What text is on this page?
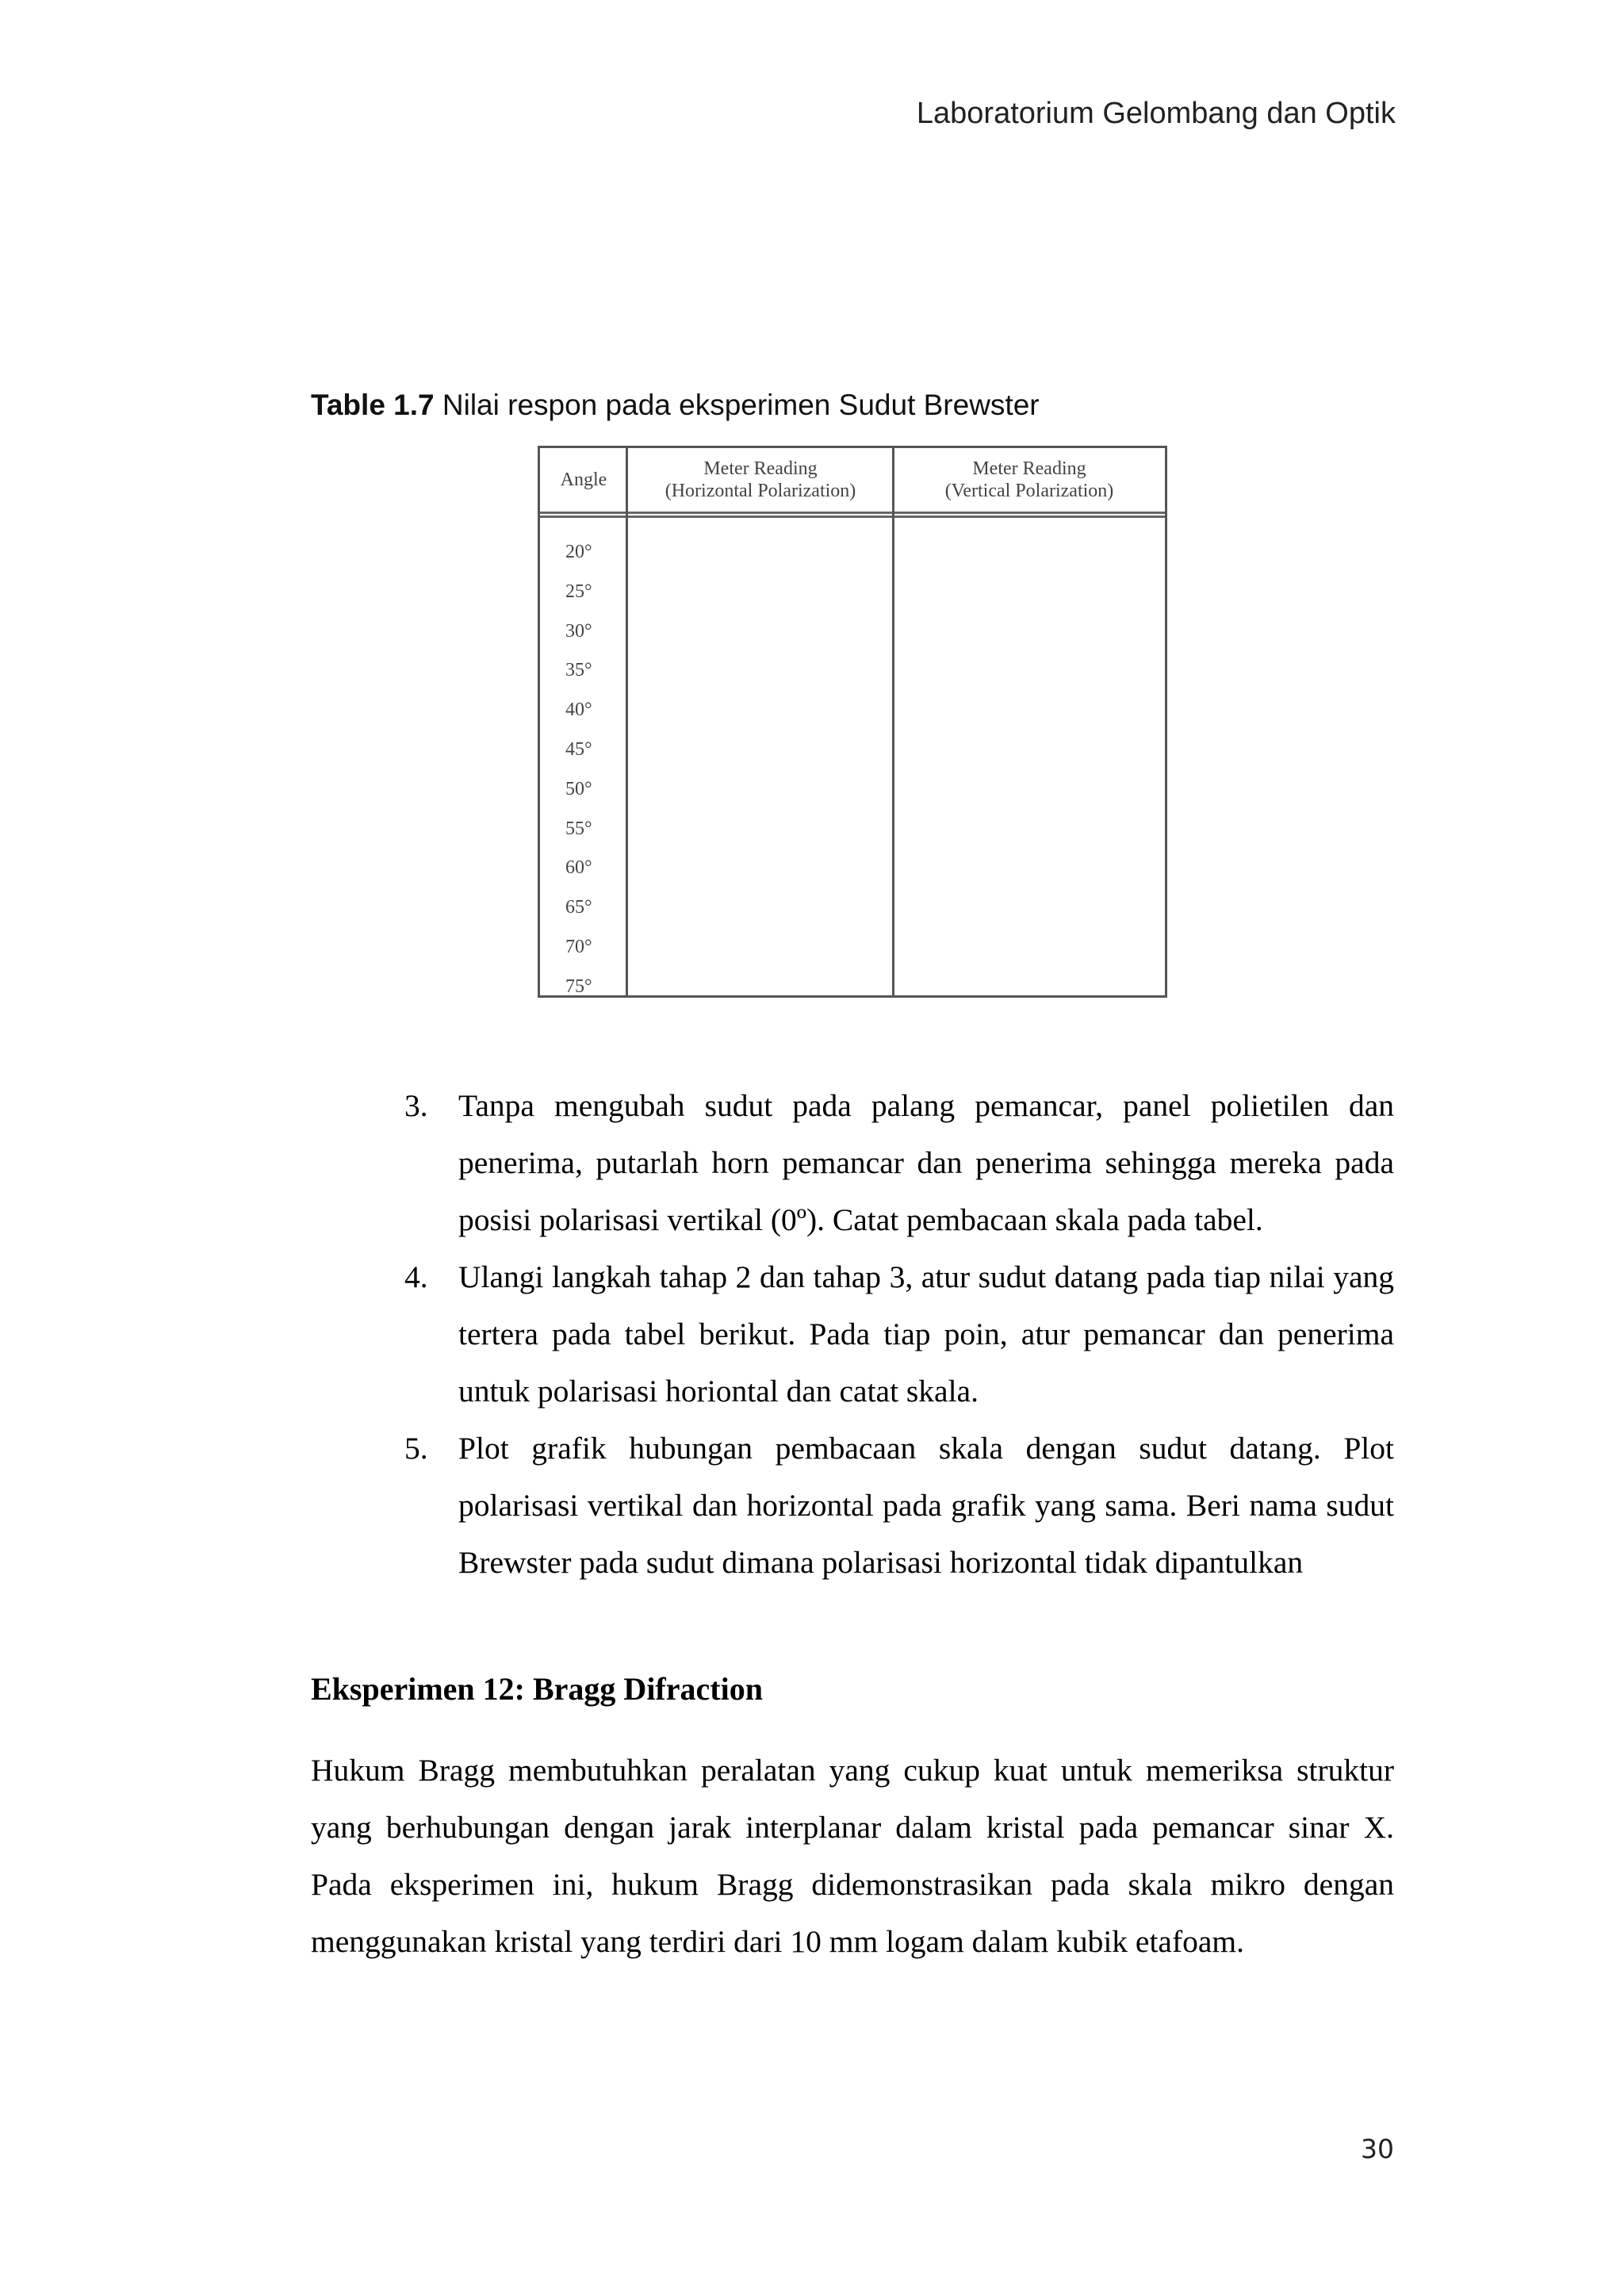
Laboratorium Gelombang dan Optik
Table 1.7 Nilai respon pada eksperimen Sudut Brewster
Angle
Meter Reading
(Horizontal Polarization)
Meter Reading
(Vertical Polarization)
20°
25°
30°
35°
40°
45°
50°
55°
60°
65°
70°
75°
3. Tanpa mengubah sudut pada palang pemancar, panel polietilen dan penerima, putarlah horn pemancar dan penerima sehingga mereka pada posisi polarisasi vertikal (0º). Catat pembacaan skala pada tabel.
4. Ulangi langkah tahap 2 dan tahap 3, atur sudut datang pada tiap nilai yang tertera pada tabel berikut. Pada tiap poin, atur pemancar dan penerima untuk polarisasi horiontal dan catat skala.
5. Plot grafik hubungan pembacaan skala dengan sudut datang. Plot polarisasi vertikal dan horizontal pada grafik yang sama. Beri nama sudut Brewster pada sudut dimana polarisasi horizontal tidak dipantulkan
Eksperimen 12: Bragg Difraction

Hukum Bragg membutuhkan peralatan yang cukup kuat untuk memeriksa struktur yang berhubungan dengan jarak interplanar dalam kristal pada pemancar sinar X. Pada eksperimen ini, hukum Bragg didemonstrasikan pada skala mikro dengan menggunakan kristal yang terdiri dari 10 mm logam dalam kubik etafoam.

30
